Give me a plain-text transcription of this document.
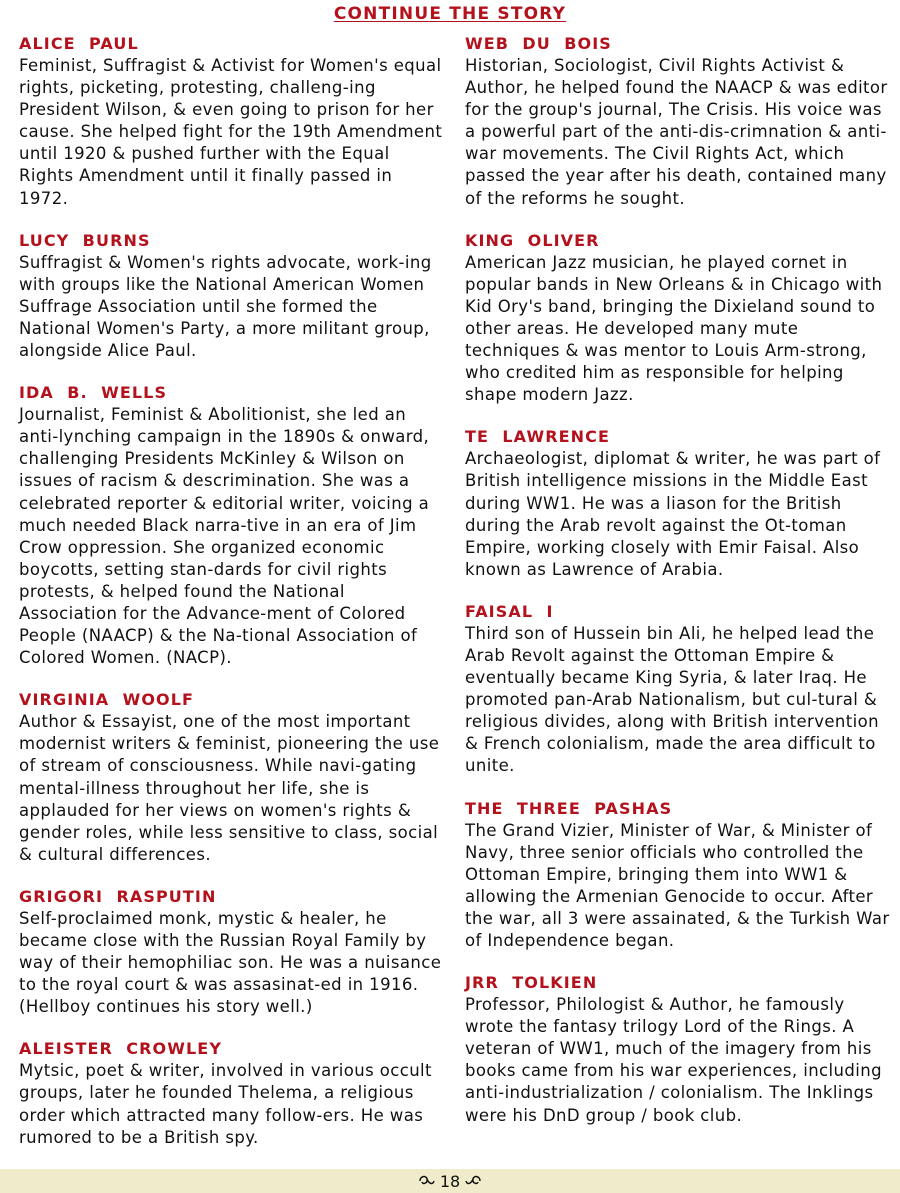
CONTINUE THE STORY
ALICE  PAUL

Feminist, Suffragist & Activist for Women's equal rights, picketing, protesting, challeng-ing President Wilson, & even going to prison for her cause. She helped fight for the 19th Amendment until 1920 & pushed further with the Equal Rights Amendment until it finally passed in 1972.

LUCY  BURNS

Suffragist & Women's rights advocate, work-ing with groups like the National American Women Suffrage Association until she formed the National Women's Party, a more militant group, alongside Alice Paul.

IDA  B.  WELLS

Journalist, Feminist & Abolitionist, she led an anti-lynching campaign in the 1890s & onward, challenging Presidents McKinley & Wilson on issues of racism & descrimination. She was a celebrated reporter & editorial writer, voicing a much needed Black narra-tive in an era of Jim Crow oppression. She organized economic boycotts, setting stan-dards for civil rights protests, & helped found the National Association for the Advance-ment of Colored People (NAACP) & the Na-tional Association of Colored Women. (NACP).

VIRGINIA  WOOLF

Author & Essayist, one of the most important modernist writers & feminist, pioneering the use of stream of consciousness. While navi-gating mental-illness throughout her life, she is applauded for her views on women's rights & gender roles, while less sensitive to class, social & cultural differences.

GRIGORI  RASPUTIN

Self-proclaimed monk, mystic & healer, he became close with the Russian Royal Family by way of their hemophiliac son. He was a nuisance to the royal court & was assasinat-ed in 1916. (Hellboy continues his story well.)

ALEISTER  CROWLEY

Mytsic, poet & writer, involved in various occult groups, later he founded Thelema, a religious order which attracted many follow-ers. He was rumored to be a British spy.

WEB  DU  BOIS

Historian, Sociologist, Civil Rights Activist & Author, he helped found the NAACP & was editor for the group's journal, The Crisis. His voice was a powerful part of the anti-dis-crimnation & anti-war movements. The Civil Rights Act, which passed the year after his death, contained many of the reforms he sought.

KING  OLIVER

American Jazz musician, he played cornet in popular bands in New Orleans & in Chicago with Kid Ory's band, bringing the Dixieland sound to other areas. He developed many mute techniques & was mentor to Louis Arm-strong, who credited him as responsible for helping shape modern Jazz.

TE  LAWRENCE

Archaeologist, diplomat & writer, he was part of British intelligence missions in the Middle East during WW1. He was a liason for the British during the Arab revolt against the Ot-toman Empire, working closely with Emir Faisal. Also known as Lawrence of Arabia.

FAISAL  I

Third son of Hussein bin Ali, he helped lead the Arab Revolt against the Ottoman Empire & eventually became King Syria, & later Iraq. He promoted pan-Arab Nationalism, but cul-tural & religious divides, along with British intervention & French colonialism, made the area difficult to unite.

THE  THREE  PASHAS

The Grand Vizier, Minister of War, & Minister of Navy, three senior officials who controlled the Ottoman Empire, bringing them into WW1 & allowing the Armenian Genocide to occur. After the war, all 3 were assainated, & the Turkish War of Independence began.

JRR  TOLKIEN

Professor, Philologist & Author, he famously wrote the fantasy trilogy Lord of the Rings. A veteran of WW1, much of the imagery from his books came from his war experiences, including anti-industrialization / colonialism. The Inklings were his DnD group / book club.

18
